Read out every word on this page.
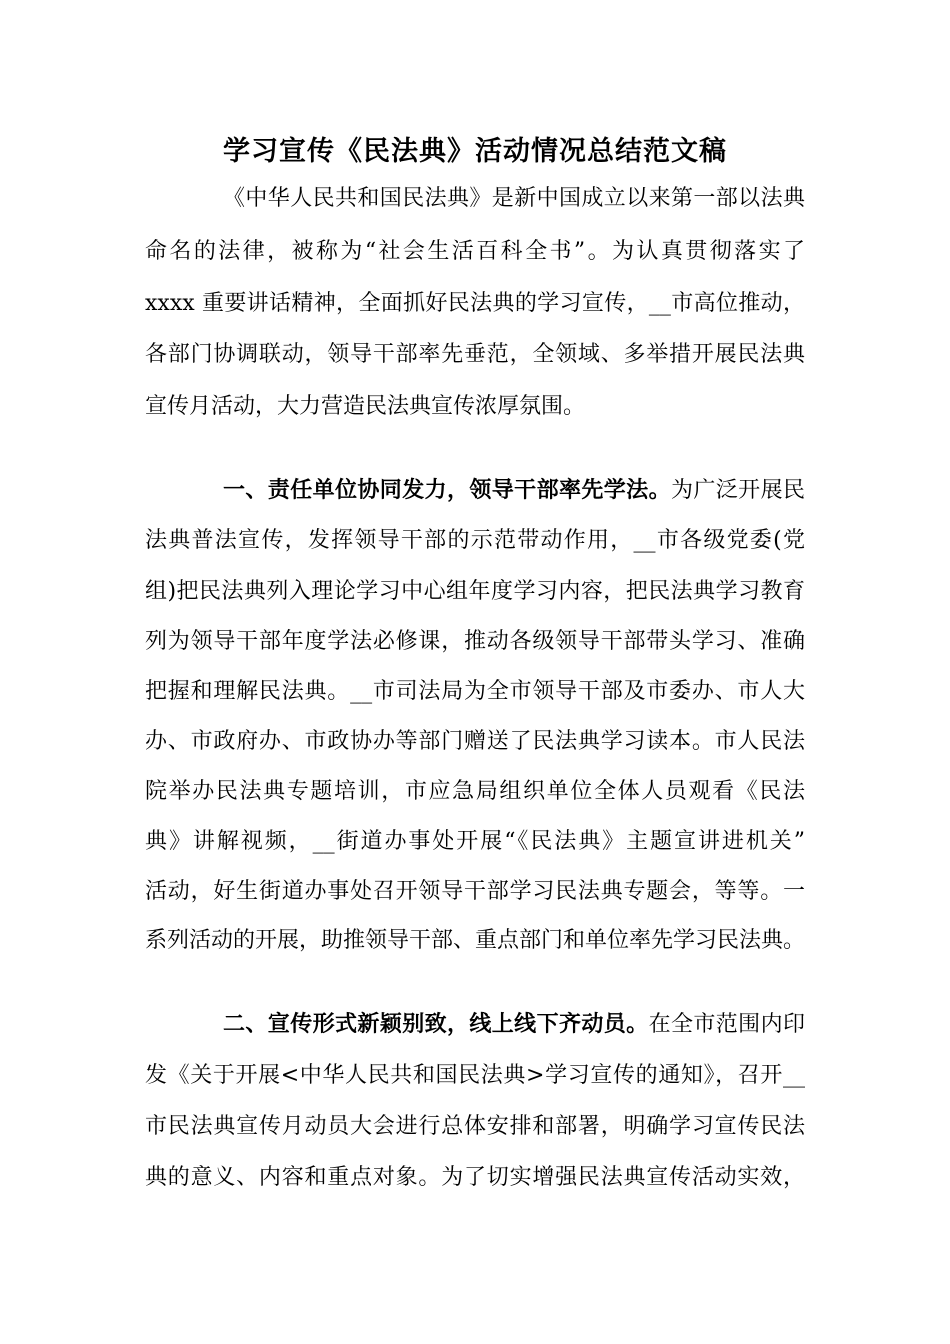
学习宣传《民法典》活动情况总结范文稿
《中华人民共和国民法典》是新中国成立以来第一部以法典
命名的法律，被称为“社会生活百科全书”。为认真贯彻落实了
xxxx 重要讲话精神，全面抓好民法典的学习宣传，__市高位推动，
各部门协调联动，领导干部率先垂范，全领域、多举措开展民法典
宣传月活动，大力营造民法典宣传浓厚氛围。
一、责任单位协同发力，领导干部率先学法。为广泛开展民
法典普法宣传，发挥领导干部的示范带动作用，__市各级党委(党
组)把民法典列入理论学习中心组年度学习内容，把民法典学习教育
列为领导干部年度学法必修课，推动各级领导干部带头学习、准确
把握和理解民法典。__市司法局为全市领导干部及市委办、市人大
办、市政府办、市政协办等部门赠送了民法典学习读本。市人民法
院举办民法典专题培训，市应急局组织单位全体人员观看《民法
典》讲解视频，__街道办事处开展“《民法典》主题宣讲进机关”
活动，好生街道办事处召开领导干部学习民法典专题会，等等。一
系列活动的开展，助推领导干部、重点部门和单位率先学习民法典。
二、宣传形式新颖别致，线上线下齐动员。在全市范围内印
发《关于开展<中华人民共和国民法典>学习宣传的通知》，召开__
市民法典宣传月动员大会进行总体安排和部署，明确学习宣传民法
典的意义、内容和重点对象。为了切实增强民法典宣传活动实效，
